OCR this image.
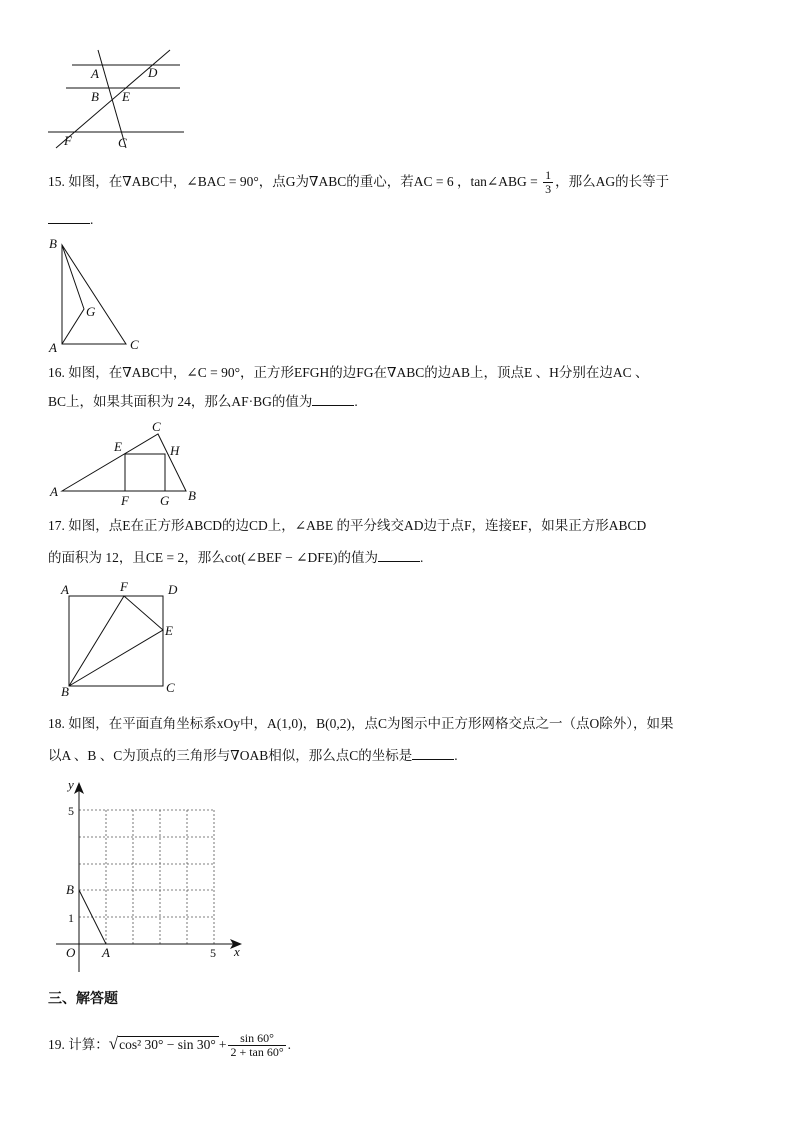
A	D
B E
F	C
15. 如图，在∇ABC中，∠BAC = 90°，点G为∇ABC的重心，若AC = 6 ，tan∠ABG = $\frac{1}{3}$ ，那么AG的长等于
.
B
A	C
G
16. 如图，在∇ABC中，∠C = 90°，正方形EFGH的边FG在∇ABC的边AB上，顶点E 、H分别在边AC 、
BC上，如果其面积为 24，那么AF·BG的值为	.
A	B
C
E	H
F G
17. 如图，点E在正方形ABCD的边CD上，∠ABE 的平分线交AD边于点F，连接EF，如果正方形ABCD
的面积为 12，且CE = 2，那么cot(∠BEF − ∠DFE)的值为	.
A	F	D
E
B	C
18. 如图，在平面直角坐标系xOy中，A(1,0)，B(0,2)，点C为图示中正方形网格交点之一（点O除外），如果
以A 、B 、C为顶点的三角形与∇OAB相似，那么点C的坐标是	.
y
x
5
1
B
O A	5
三、解答题
19. 计算：√cos² $30^\circ - \sin 30^\circ + \frac{\sin 60^\circ}{2 + \tan 60^\circ}$ .
